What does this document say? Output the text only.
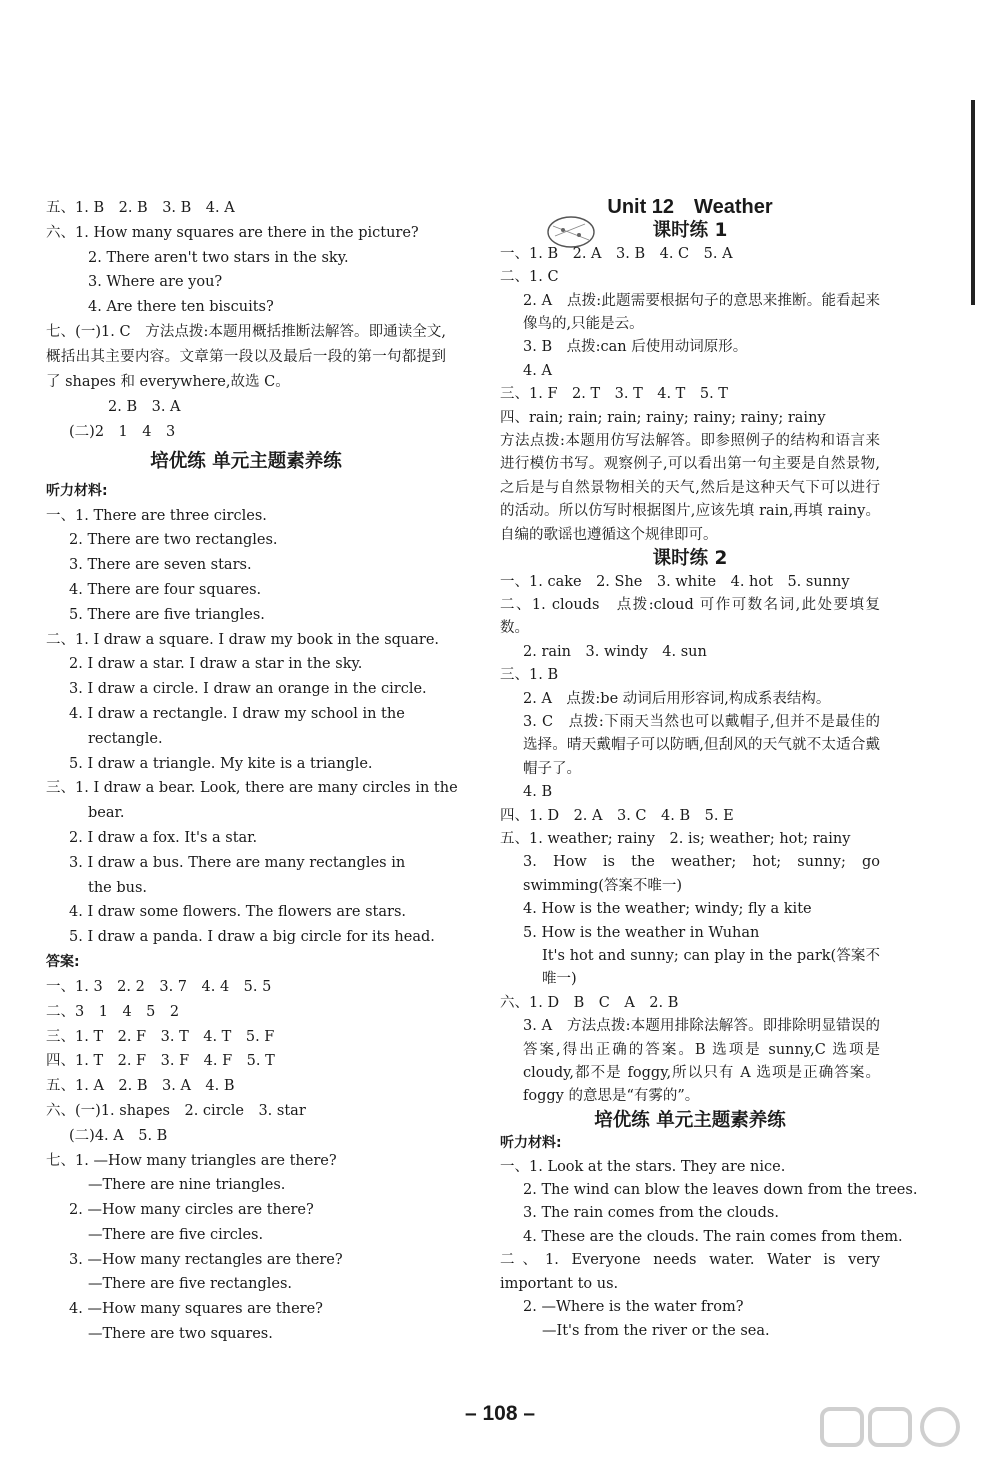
五、1. B　2. B　3. B　4. A
六、1. How many squares are there in the picture?
2. There aren't two stars in the sky.
3. Where are you?
4. Are there ten biscuits?
七、(一)1. C　方法点拨:本题用概括推断法解答。即通读全文,概括出其主要内容。文章第一段以及最后一段的第一句都提到了 shapes 和 everywhere,故选 C。
2. B　3. A
(二)2　1　4　3
培优练 单元主题素养练
听力材料:
一、1. There are three circles.
2. There are two rectangles.
3. There are seven stars.
4. There are four squares.
5. There are five triangles.
二、1. I draw a square. I draw my book in the square.
2. I draw a star. I draw a star in the sky.
3. I draw a circle. I draw an orange in the circle.
4. I draw a rectangle. I draw my school in the
rectangle.
5. I draw a triangle. My kite is a triangle.
三、1. I draw a bear. Look, there are many circles in the
bear.
2. I draw a fox. It's a star.
3. I draw a bus. There are many rectangles in
the bus.
4. I draw some flowers. The flowers are stars.
5. I draw a panda. I draw a big circle for its head.
答案:
一、1. 3　2. 2　3. 7　4. 4　5. 5
二、3　1　4　5　2
三、1. T　2. F　3. T　4. T　5. F
四、1. T　2. F　3. F　4. F　5. T
五、1. A　2. B　3. A　4. B
六、(一)1. shapes　2. circle　3. star
(二)4. A　5. B
七、1. —How many triangles are there?
—There are nine triangles.
2. —How many circles are there?
—There are five circles.
3. —How many rectangles are there?
—There are five rectangles.
4. —How many squares are there?
—There are two squares.
Unit 12　Weather
课时练 1
一、1. B　2. A　3. B　4. C　5. A
二、1. C
2. A　点拨:此题需要根据句子的意思来推断。能看起来像鸟的,只能是云。
3. B　点拨:can 后使用动词原形。
4. A
三、1. F　2. T　3. T　4. T　5. T
四、rain; rain; rain; rainy; rainy; rainy; rainy
方法点拨:本题用仿写法解答。即参照例子的结构和语言来进行模仿书写。观察例子,可以看出第一句主要是自然景物,之后是与自然景物相关的天气,然后是这种天气下可以进行的活动。所以仿写时根据图片,应该先填 rain,再填 rainy。自编的歌谣也遵循这个规律即可。
课时练 2
一、1. cake　2. She　3. white　4. hot　5. sunny
二、1. clouds　点拨:cloud 可作可数名词,此处要填复数。
2. rain　3. windy　4. sun
三、1. B
2. A　点拨:be 动词后用形容词,构成系表结构。
3. C　点拨:下雨天当然也可以戴帽子,但并不是最佳的选择。晴天戴帽子可以防晒,但刮风的天气就不太适合戴帽子了。
4. B
四、1. D　2. A　3. C　4. B　5. E
五、1. weather; rainy　2. is; weather; hot; rainy
3. How is the weather; hot; sunny; go swimming(答案不唯一)
4. How is the weather; windy; fly a kite
5. How is the weather in Wuhan
It's hot and sunny; can play in the park(答案不唯一)
六、1. D　B　C　A　2. B
3. A　方法点拨:本题用排除法解答。即排除明显错误的答案,得出正确的答案。B 选项是 sunny,C 选项是 cloudy,都不是 foggy,所以只有 A 选项是正确答案。foggy 的意思是“有雾的”。
培优练 单元主题素养练
听力材料:
一、1. Look at the stars. They are nice.
2. The wind can blow the leaves down from the trees.
3. The rain comes from the clouds.
4. These are the clouds. The rain comes from them.
二、1. Everyone needs water. Water is very important to us.
2. —Where is the water from?
—It's from the river or the sea.
– 108 –
